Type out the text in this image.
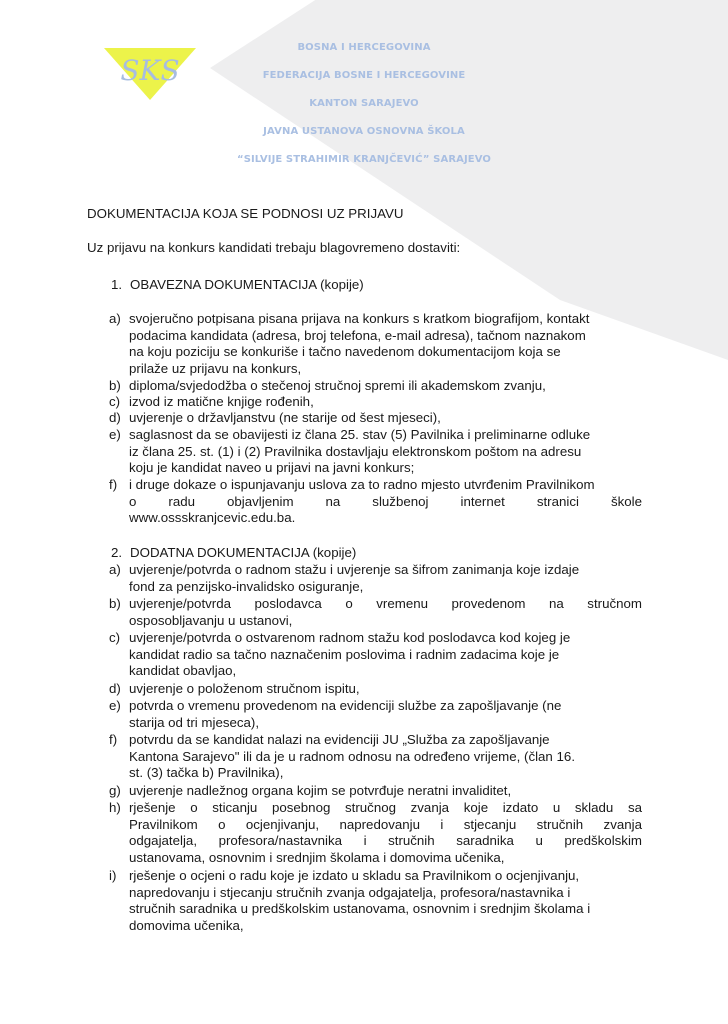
SKS
BOSNA I HERCEGOVINA
FEDERACIJA BOSNE I HERCEGOVINE
KANTON SARAJEVO
JAVNA USTANOVA OSNOVNA ŠKOLA
“SILVIJE STRAHIMIR KRANJČEVIĆ” SARAJEVO
DOKUMENTACIJA KOJA SE PODNOSI UZ PRIJAVU
Uz prijavu na konkurs kandidati trebaju blagovremeno dostaviti:
1. OBAVEZNA DOKUMENTACIJA (kopije)
a) svojeručno potpisana pisana prijava na konkurs s kratkom biografijom, kontakt
podacima kandidata (adresa, broj telefona, e-mail adresa), tačnom naznakom
na koju poziciju se konkuriše i tačno navedenom dokumentacijom koja se
prilaže uz prijavu na konkurs,
b) diploma/svjedodžba o stečenoj stručnoj spremi ili akademskom zvanju,
c) izvod iz matične knjige rođenih,
d) uvjerenje o državljanstvu (ne starije od šest mjeseci),
e) saglasnost da se obavijesti iz člana 25. stav (5) Pavilnika i preliminarne odluke
iz člana 25. st. (1) i (2) Pravilnika dostavljaju elektronskom poštom na adresu
koju je kandidat naveo u prijavi na javni konkurs;
f) i druge dokaze o ispunjavanju uslova za to radno mjesto utvrđenim Pravilnikom
o radu objavljenim na službenoj internet stranici škole
www.ossskranjcevic.edu.ba.
2. DODATNA DOKUMENTACIJA (kopije)
a) uvjerenje/potvrda o radnom stažu i uvjerenje sa šifrom zanimanja koje izdaje
fond za penzijsko-invalidsko osiguranje,
b) uvjerenje/potvrda poslodavca o vremenu provedenom na stručnom
osposobljavanju u ustanovi,
c) uvjerenje/potvrda o ostvarenom radnom stažu kod poslodavca kod kojeg je
kandidat radio sa tačno naznačenim poslovima i radnim zadacima koje je
kandidat obavljao,
d) uvjerenje o položenom stručnom ispitu,
e) potvrda o vremenu provedenom na evidenciji službe za zapošljavanje (ne
starija od tri mjeseca),
f) potvrdu da se kandidat nalazi na evidenciji JU „Služba za zapošljavanje
Kantona Sarajevo" ili da je u radnom odnosu na određeno vrijeme, (član 16.
st. (3) tačka b) Pravilnika),
g) uvjerenje nadležnog organa kojim se potvrđuje neratni invaliditet,
h) rješenje o sticanju posebnog stručnog zvanja koje izdato u skladu sa
Pravilnikom o ocjenjivanju, napredovanju i stjecanju stručnih zvanja
odgajatelja, profesora/nastavnika i stručnih saradnika u predškolskim
ustanovama, osnovnim i srednjim školama i domovima učenika,
i) rješenje o ocjeni o radu koje je izdato u skladu sa Pravilnikom o ocjenjivanju,
napredovanju i stjecanju stručnih zvanja odgajatelja, profesora/nastavnika i
stručnih saradnika u predškolskim ustanovama, osnovnim i srednjim školama i
domovima učenika,
